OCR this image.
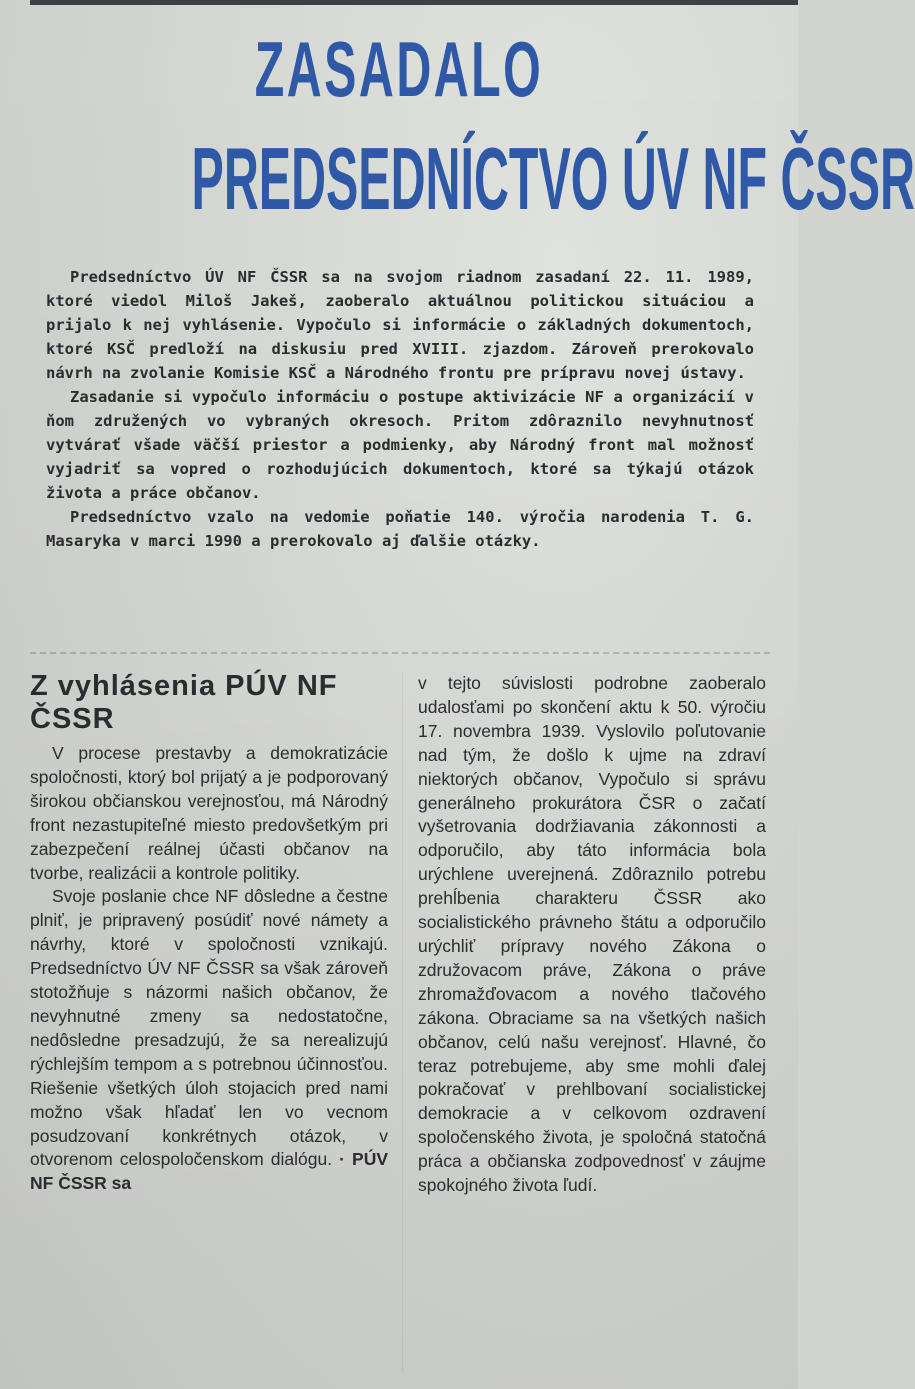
ZASADALO
PREDSEDNÍCTVO ÚV NF ČSSR

Predsedníctvo ÚV NF ČSSR sa na svojom riadnom zasadaní 22. 11. 1989, ktoré viedol Miloš Jakeš, zaoberalo aktuálnou politickou situáciou a prijalo k nej vyhlásenie. Vypočulo si informácie o základných dokumentoch, ktoré KSČ predloží na diskusiu pred XVIII. zjazdom. Zároveň prerokovalo návrh na zvolanie Komisie KSČ a Národného frontu pre prípravu novej ústavy.

Zasadanie si vypočulo informáciu o postupe aktivizácie NF a organizácií v ňom združených vo vybraných okresoch. Pritom zdôraznilo nevyhnutnosť vytvárať všade väčší priestor a podmienky, aby Národný front mal možnosť vyjadriť sa vopred o rozhodujúcich dokumentoch, ktoré sa týkajú otázok života a práce občanov.

Predsedníctvo vzalo na vedomie poňatie 140. výročia narodenia T. G. Masaryka v marci 1990 a prerokovalo aj ďalšie otázky.

Z vyhlásenia PÚV NF ČSSR

V procese prestavby a demokratizácie spoločnosti, ktorý bol prijatý a je podporovaný širokou občianskou verejnosťou, má Národný front nezastupiteľné miesto predovšetkým pri zabezpečení reálnej účasti občanov na tvorbe, realizácii a kontrole politiky.

Svoje poslanie chce NF dôsledne a čestne plniť, je pripravený posúdiť nové námety a návrhy, ktoré v spoločnosti vznikajú. Predsedníctvo ÚV NF ČSSR sa však zároveň stotožňuje s názormi našich občanov, že nevyhnutné zmeny sa nedostatočne, nedôsledne presadzujú, že sa nerealizujú rýchlejším tempom a s potrebnou účinnosťou. Riešenie všetkých úloh stojacich pred nami možno však hľadať len vo vecnom posudzovaní konkrétnych otázok, v otvorenom celospoločenskom dialógu. · PÚV NF ČSSR sa

v tejto súvislosti podrobne zaoberalo udalosťami po skončení aktu k 50. výročiu 17. novembra 1939. Vyslovilo poľutovanie nad tým, že došlo k ujme na zdraví niektorých občanov, Vypočulo si správu generálneho prokurátora ČSR o začatí vyšetrovania dodržiavania zákonnosti a odporučilo, aby táto informácia bola urýchlene uverejnená. Zdôraznilo potrebu prehĺbenia charakteru ČSSR ako socialistického právneho štátu a odporučilo urýchliť prípravy nového Zákona o združovacom práve, Zákona o práve zhromažďovacom a nového tlačového zákona. Obraciame sa na všetkých našich občanov, celú našu verejnosť. Hlavné, čo teraz potrebujeme, aby sme mohli ďalej pokračovať v prehlbovaní socialistickej demokracie a v celkovom ozdravení spoločenského života, je spoločná statočná práca a občianska zodpovednosť v záujme spokojného života ľudí.
